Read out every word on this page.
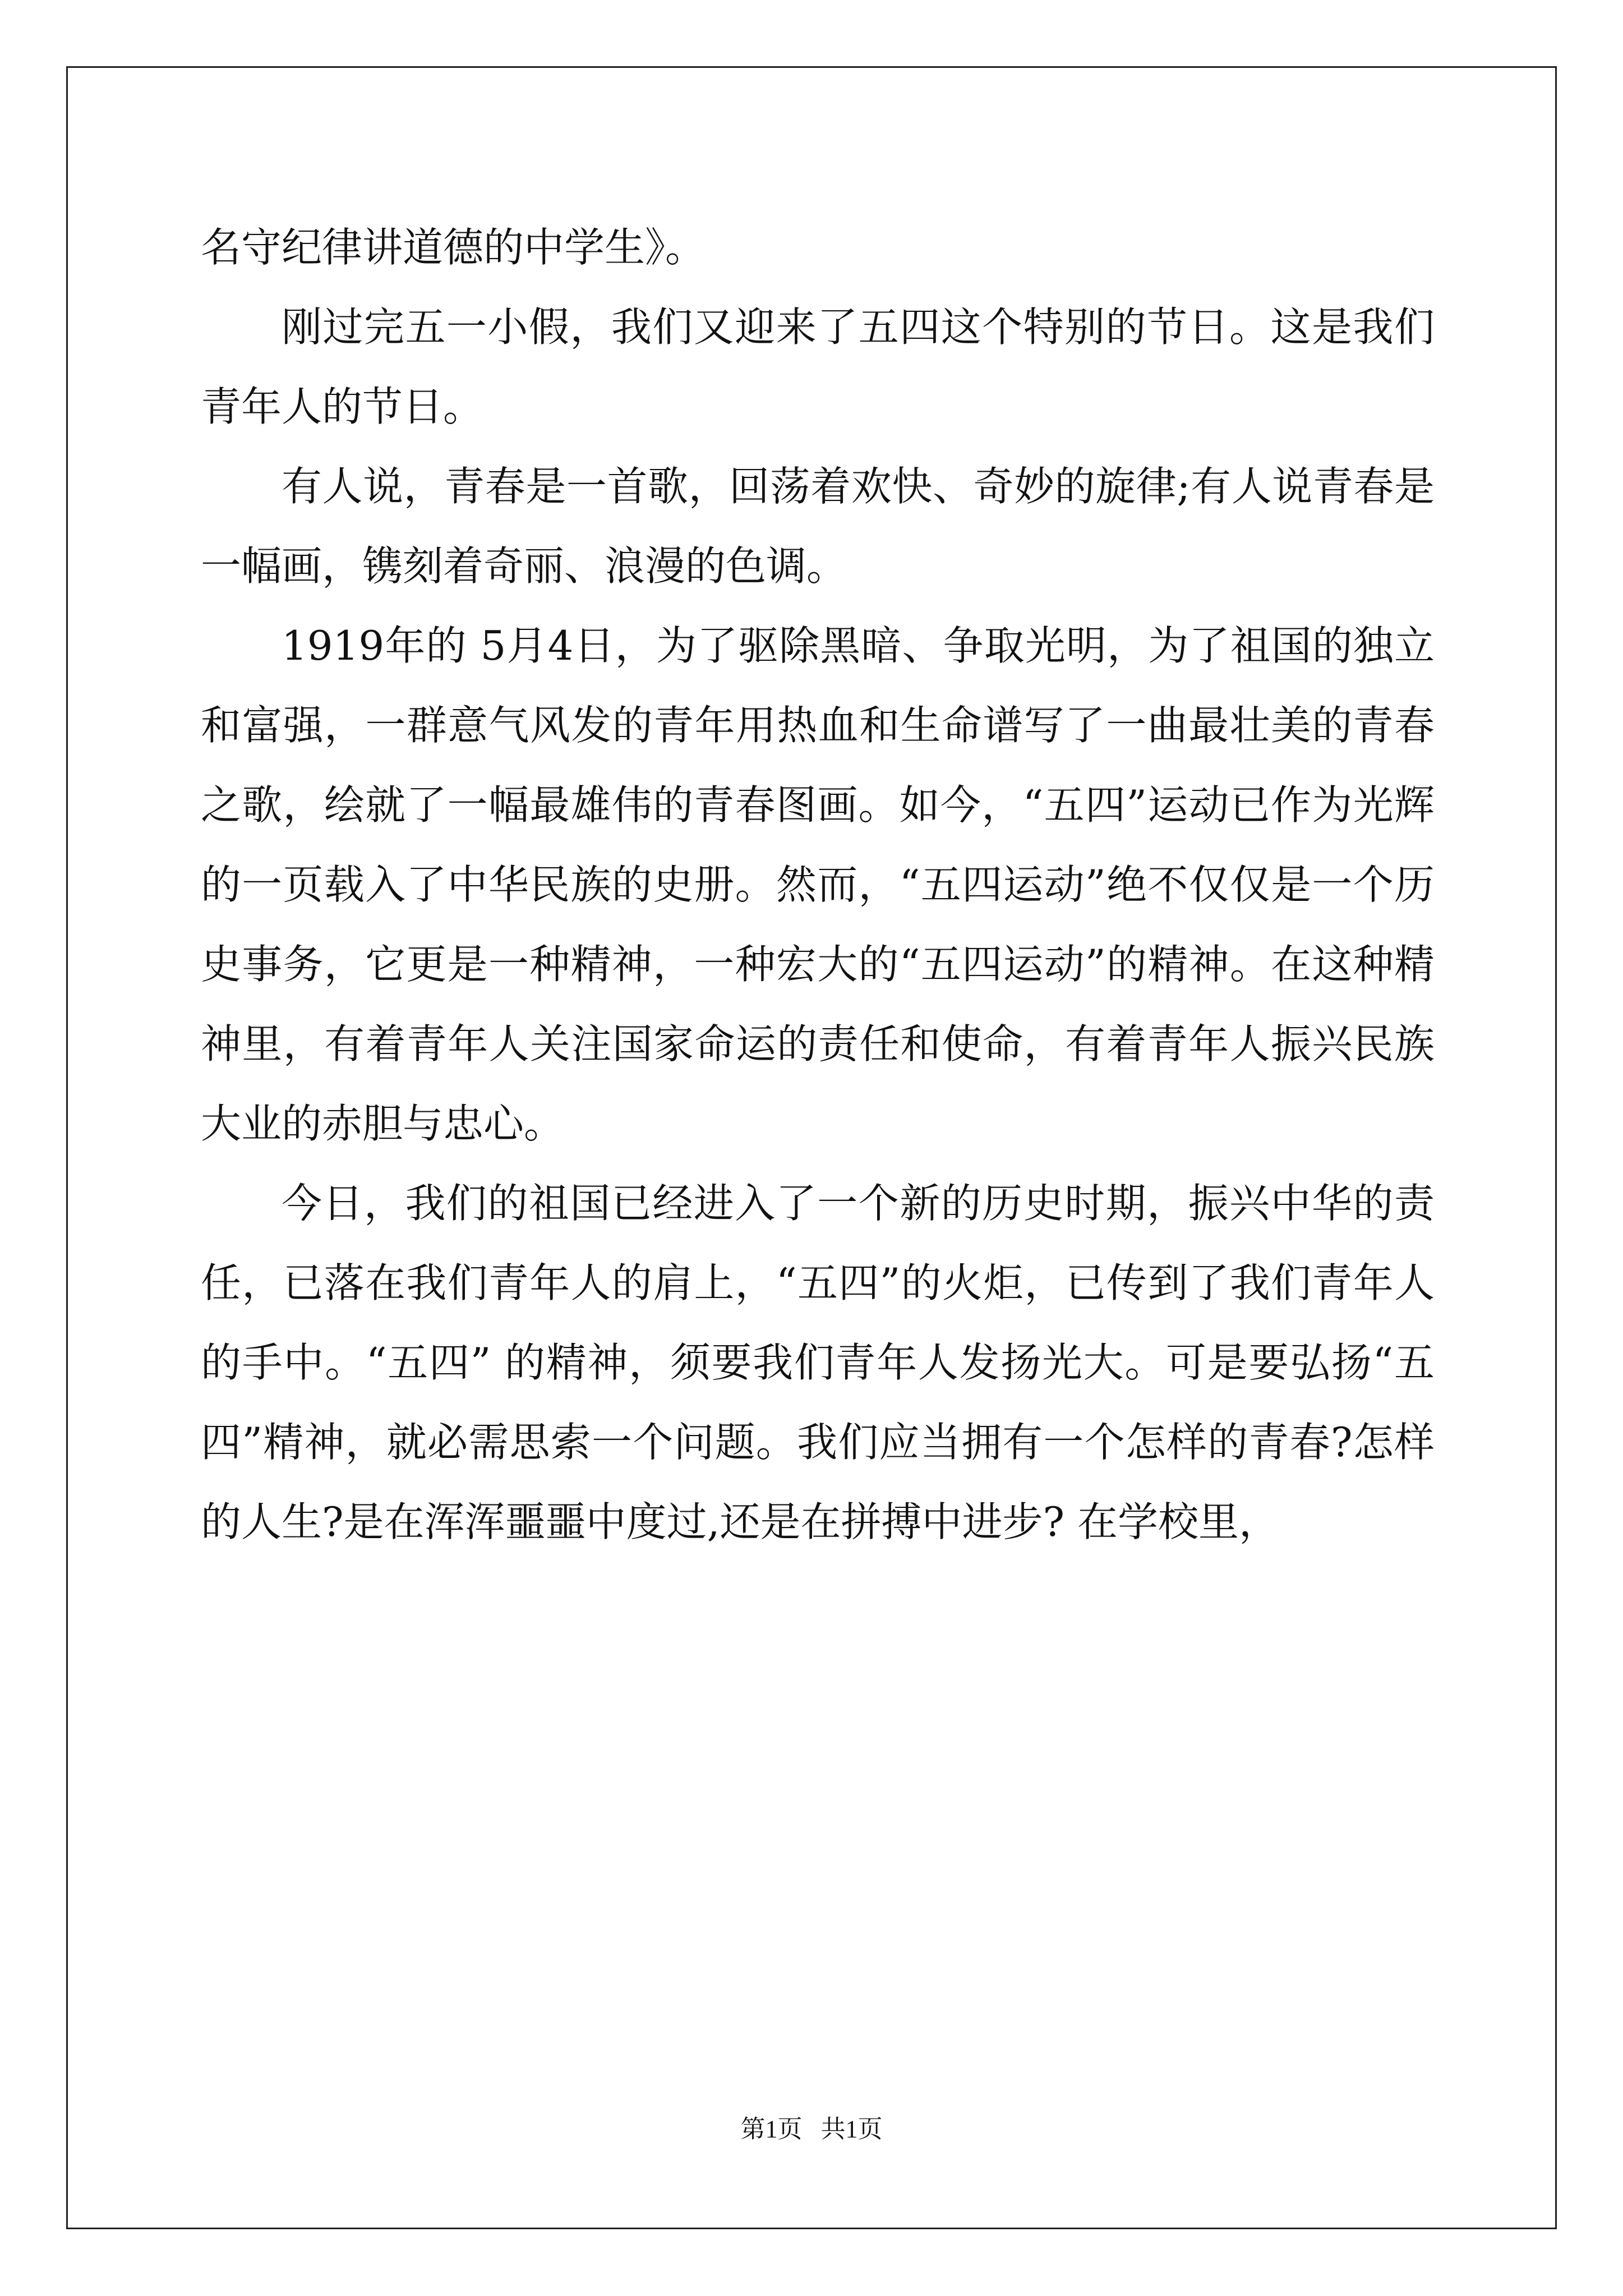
名守纪律讲道德的中学生》。

刚过完五一小假，我们又迎来了五四这个特别的节日。这是我们青年人的节日。

有人说，青春是一首歌，回荡着欢快、奇妙的旋律;有人说青春是一幅画，镌刻着奇丽、浪漫的色调。

1919年的 5月4日，为了驱除黑暗、争取光明，为了祖国的独立和富强，一群意气风发的青年用热血和生命谱写了一曲最壮美的青春之歌，绘就了一幅最雄伟的青春图画。如今，“五四”运动已作为光辉的一页载入了中华民族的史册。然而，“五四运动”绝不仅仅是一个历史事务，它更是一种精神，一种宏大的“五四运动”的精神。在这种精神里，有着青年人关注国家命运的责任和使命，有着青年人振兴民族大业的赤胆与忠心。

今日，我们的祖国已经进入了一个新的历史时期，振兴中华的责任，已落在我们青年人的肩上，“五四”的火炬，已传到了我们青年人的手中。“五四” 的精神，须要我们青年人发扬光大。可是要弘扬“五四”精神，就必需思索一个问题。我们应当拥有一个怎样的青春?怎样的人生?是在浑浑噩噩中度过,还是在拼搏中进步? 在学校里，

第1页   共1页
